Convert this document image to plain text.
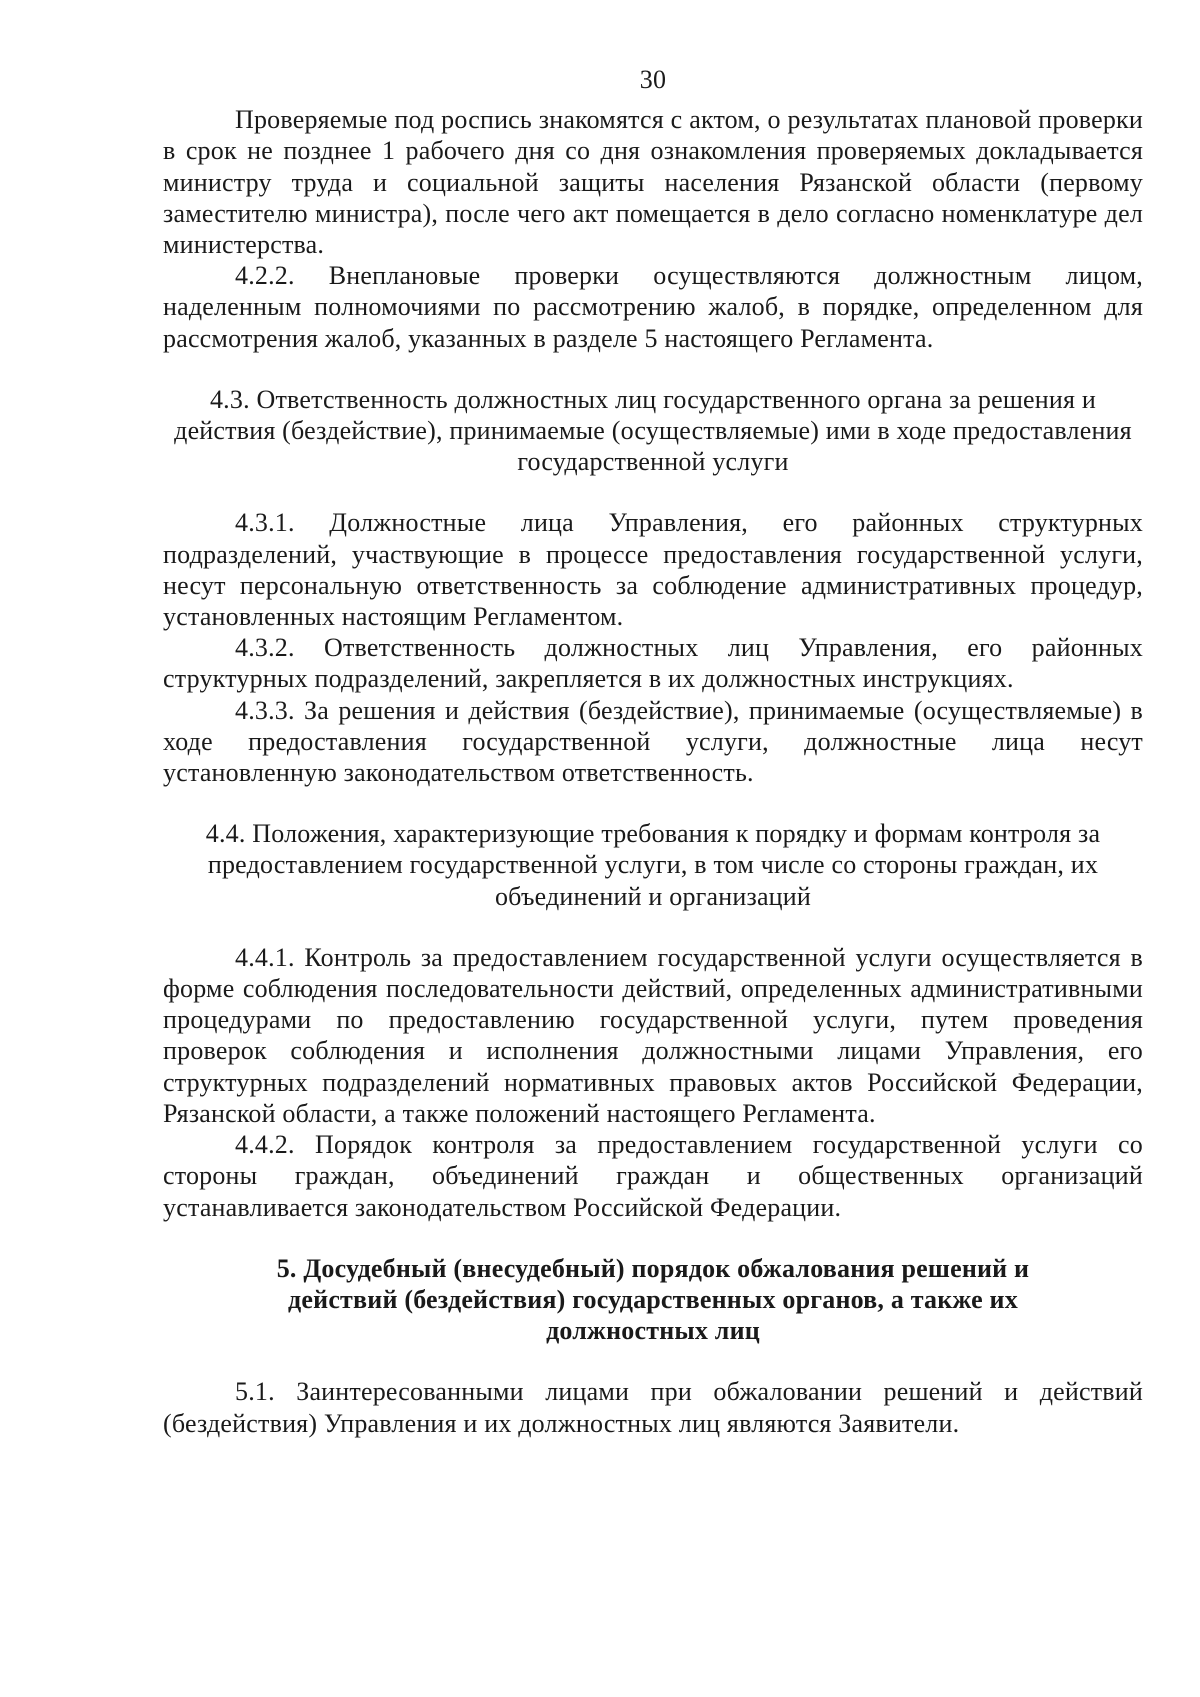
30

Проверяемые под роспись знакомятся с актом, о результатах плановой проверки в срок не позднее 1 рабочего дня со дня ознакомления проверяемых докладывается министру труда и социальной защиты населения Рязанской области (первому заместителю министра), после чего акт помещается в дело согласно номенклатуре дел министерства.

4.2.2. Внеплановые проверки осуществляются должностным лицом, наделенным полномочиями по рассмотрению жалоб, в порядке, определенном для рассмотрения жалоб, указанных в разделе 5 настоящего Регламента.

4.3. Ответственность должностных лиц государственного органа за решения и действия (бездействие), принимаемые (осуществляемые) ими в ходе предоставления государственной услуги

4.3.1. Должностные лица Управления, его районных структурных подразделений, участвующие в процессе предоставления государственной услуги, несут персональную ответственность за соблюдение административных процедур, установленных настоящим Регламентом.

4.3.2. Ответственность должностных лиц Управления, его районных структурных подразделений, закрепляется в их должностных инструкциях.

4.3.3. За решения и действия (бездействие), принимаемые (осуществляемые) в ходе предоставления государственной услуги, должностные лица несут установленную законодательством ответственность.

4.4. Положения, характеризующие требования к порядку и формам контроля за предоставлением государственной услуги, в том числе со стороны граждан, их объединений и организаций

4.4.1. Контроль за предоставлением государственной услуги осуществляется в форме соблюдения последовательности действий, определенных административными процедурами по предоставлению государственной услуги, путем проведения проверок соблюдения и исполнения должностными лицами Управления, его структурных подразделений нормативных правовых актов Российской Федерации, Рязанской области, а также положений настоящего Регламента.

4.4.2. Порядок контроля за предоставлением государственной услуги со стороны граждан, объединений граждан и общественных организаций устанавливается законодательством Российской Федерации.

5. Досудебный (внесудебный) порядок обжалования решений и действий (бездействия) государственных органов, а также их должностных лиц

5.1. Заинтересованными лицами при обжаловании решений и действий (бездействия) Управления и их должностных лиц являются Заявители.
